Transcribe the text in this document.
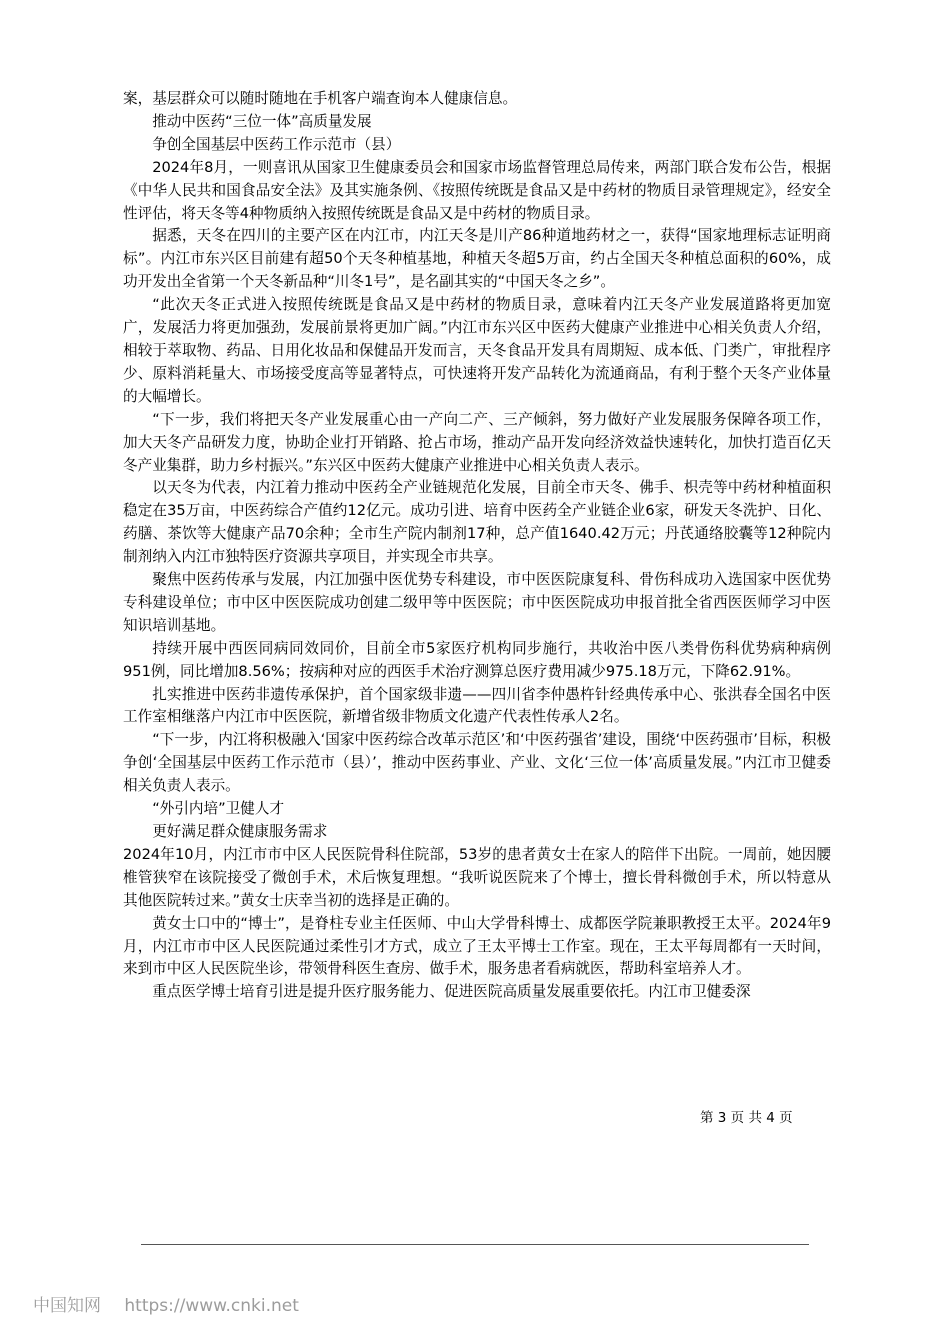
案，基层群众可以随时随地在手机客户端查询本人健康信息。

推动中医药“三位一体”高质量发展

争创全国基层中医药工作示范市（县）

2024年8月，一则喜讯从国家卫生健康委员会和国家市场监督管理总局传来，两部门联合发布公告，根据《中华人民共和国食品安全法》及其实施条例、《按照传统既是食品又是中药材的物质目录管理规定》，经安全性评估，将天冬等4种物质纳入按照传统既是食品又是中药材的物质目录。

据悉，天冬在四川的主要产区在内江市，内江天冬是川产86种道地药材之一，获得“国家地理标志证明商标”。内江市东兴区目前建有超50个天冬种植基地，种植天冬超5万亩，约占全国天冬种植总面积的60%，成功开发出全省第一个天冬新品种“川冬1号”，是名副其实的“中国天冬之乡”。

“此次天冬正式进入按照传统既是食品又是中药材的物质目录，意味着内江天冬产业发展道路将更加宽广，发展活力将更加强劲，发展前景将更加广阔。”内江市东兴区中医药大健康产业推进中心相关负责人介绍，相较于萃取物、药品、日用化妆品和保健品开发而言，天冬食品开发具有周期短、成本低、门类广，审批程序少、原料消耗量大、市场接受度高等显著特点，可快速将开发产品转化为流通商品，有利于整个天冬产业体量的大幅增长。

“下一步，我们将把天冬产业发展重心由一产向二产、三产倾斜，努力做好产业发展服务保障各项工作，加大天冬产品研发力度，协助企业打开销路、抢占市场，推动产品开发向经济效益快速转化，加快打造百亿天冬产业集群，助力乡村振兴。”东兴区中医药大健康产业推进中心相关负责人表示。

以天冬为代表，内江着力推动中医药全产业链规范化发展，目前全市天冬、佛手、枳壳等中药材种植面积稳定在35万亩，中医药综合产值约12亿元。成功引进、培育中医药全产业链企业6家，研发天冬洗护、日化、药膳、茶饮等大健康产品70余种；全市生产院内制剂17种，总产值1640.42万元；丹芪通络胶囊等12种院内制剂纳入内江市独特医疗资源共享项目，并实现全市共享。

聚焦中医药传承与发展，内江加强中医优势专科建设，市中医医院康复科、骨伤科成功入选国家中医优势专科建设单位；市中区中医医院成功创建二级甲等中医医院；市中医医院成功申报首批全省西医医师学习中医知识培训基地。

持续开展中西医同病同效同价，目前全市5家医疗机构同步施行，共收治中医八类骨伤科优势病种病例951例，同比增加8.56%；按病种对应的西医手术治疗测算总医疗费用减少975.18万元，下降62.91%。

扎实推进中医药非遗传承保护，首个国家级非遗——四川省李仲愚杵针经典传承中心、张洪春全国名中医工作室相继落户内江市中医医院，新增省级非物质文化遗产代表性传承人2名。

“下一步，内江将积极融入‘国家中医药综合改革示范区’和‘中医药强省’建设，围绕‘中医药强市’目标，积极争创‘全国基层中医药工作示范市（县）’，推动中医药事业、产业、文化‘三位一体’高质量发展。”内江市卫健委相关负责人表示。

“外引内培”卫健人才

更好满足群众健康服务需求

2024年10月，内江市市中区人民医院骨科住院部，53岁的患者黄女士在家人的陪伴下出院。一周前，她因腰椎管狭窄在该院接受了微创手术，术后恢复理想。“我听说医院来了个博士，擅长骨科微创手术，所以特意从其他医院转过来。”黄女士庆幸当初的选择是正确的。

黄女士口中的“博士”，是脊柱专业主任医师、中山大学骨科博士、成都医学院兼职教授王太平。2024年9月，内江市市中区人民医院通过柔性引才方式，成立了王太平博士工作室。现在，王太平每周都有一天时间，来到市中区人民医院坐诊，带领骨科医生查房、做手术，服务患者看病就医，帮助科室培养人才。

重点医学博士培育引进是提升医疗服务能力、促进医院高质量发展重要依托。内江市卫健委深

第 3 页 共 4 页
中国知网 https://www.cnki.net
